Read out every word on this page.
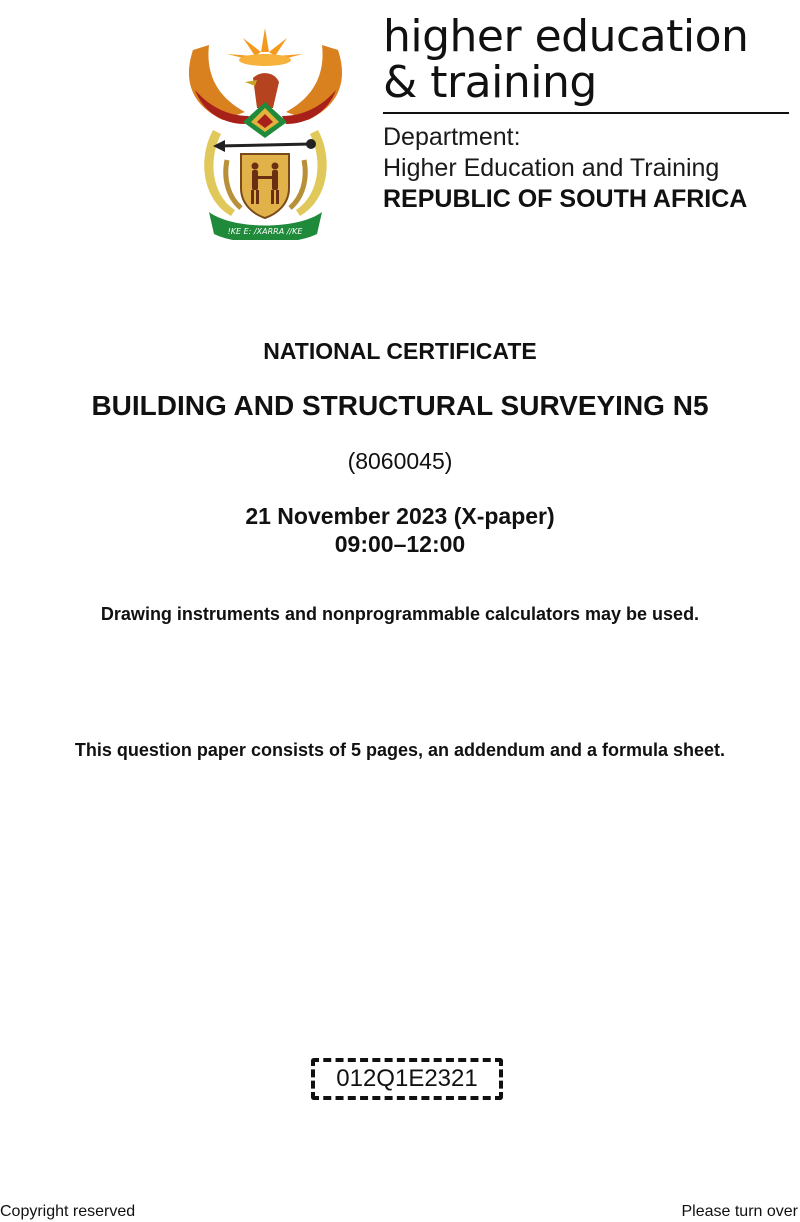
!KE E: /XARRA //KE
higher education
& training
Department:
Higher Education and Training
REPUBLIC OF SOUTH AFRICA
NATIONAL CERTIFICATE
BUILDING AND STRUCTURAL SURVEYING N5
(8060045)
21 November 2023 (X-paper)
09:00–12:00
Drawing instruments and nonprogrammable calculators may be used.
This question paper consists of 5 pages, an addendum and a formula sheet.
012Q1E2321
Copyright reserved	Please turn over
